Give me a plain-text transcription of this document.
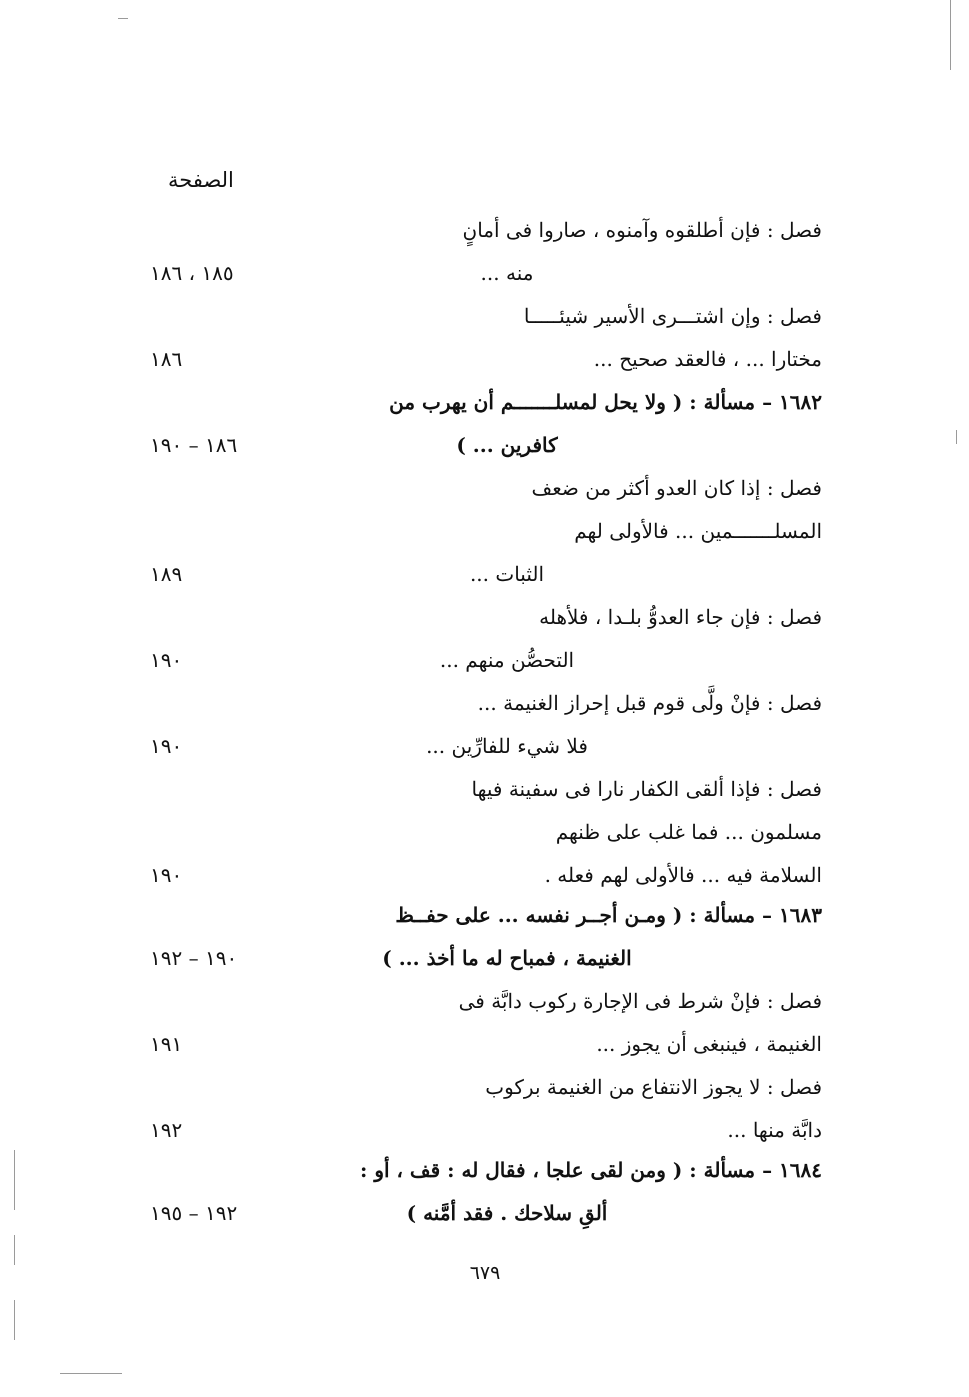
الصفحة
فصل : فإن أطلقوه وآمنوه ، صاروا فى أمانٍ
منه ...
١٨٥ ، ١٨٦
فصل : وإن اشتـــرى الأسير شيئـــــا
مختارا ... ، فالعقد صحيح ...
١٨٦
١٦٨٢ – مسألة : ( ولا يحل لمسلـــــــم أن يهرب من
كافرين ... )
١٨٦ – ١٩٠
فصل : إذا كان العدو أكثر من ضعف
المسلـــــــمين ... فالأولى لهم
الثبات ...
١٨٩
فصل : فإن جاء العدوُّ بلـدا ، فلأهله
التحصُّن منهم ...
١٩٠
فصل : فإنْ ولَّى قوم قبل إحراز الغنيمة ...
فلا شيء للفارِّين ...
١٩٠
فصل : فإذا ألقى الكفار نارا فى سفينة فيها
مسلمون ... فما غلب على ظنهم
السلامة فيه ... فالأولى لهم فعله .
١٩٠
١٦٨٣ – مسألة : ( ومـن أجــر نفسه ... على حفــظ
الغنيمة ، فمباح له ما أخذ ... )
١٩٠ – ١٩٢
فصل : فإنْ شرط فى الإجارة ركوب دابَّة فى
الغنيمة ، فينبغى أن يجوز ...
١٩١
فصل : لا يجوز الانتفاع من الغنيمة بركوب
دابَّة منها ...
١٩٢
١٦٨٤ – مسألة : ( ومن لقى علجا ، فقال له : قف ، أو :
ألقِ سلاحك . فقد أمَّنه )
١٩٢ – ١٩٥
٦٧٩
